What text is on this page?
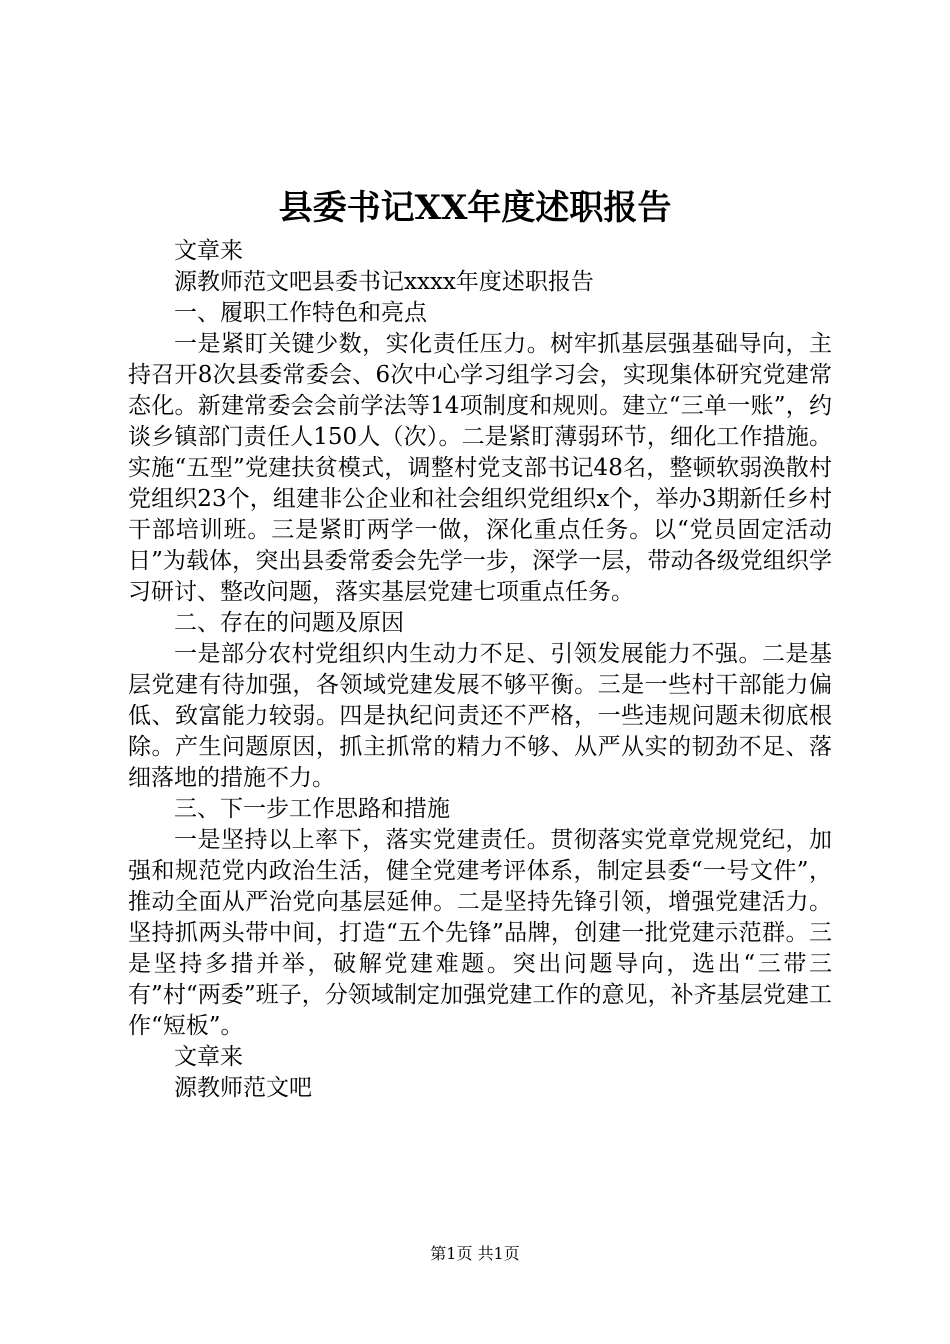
县委书记XX年度述职报告

文章来

源教师范文吧县委书记xxxx年度述职报告

一、履职工作特色和亮点

一是紧盯关键少数，实化责任压力。树牢抓基层强基础导向，主持召开8次县委常委会、6次中心学习组学习会，实现集体研究党建常态化。新建常委会会前学法等14项制度和规则。建立“三单一账”，约谈乡镇部门责任人150人（次）。二是紧盯薄弱环节，细化工作措施。实施“五型”党建扶贫模式，调整村党支部书记48名，整顿软弱涣散村党组织23个，组建非公企业和社会组织党组织x个，举办3期新任乡村干部培训班。三是紧盯两学一做，深化重点任务。以“党员固定活动日”为载体，突出县委常委会先学一步，深学一层，带动各级党组织学习研讨、整改问题，落实基层党建七项重点任务。

二、存在的问题及原因

一是部分农村党组织内生动力不足、引领发展能力不强。二是基层党建有待加强，各领域党建发展不够平衡。三是一些村干部能力偏低、致富能力较弱。四是执纪问责还不严格，一些违规问题未彻底根除。产生问题原因，抓主抓常的精力不够、从严从实的韧劲不足、落细落地的措施不力。

三、下一步工作思路和措施

一是坚持以上率下，落实党建责任。贯彻落实党章党规党纪，加强和规范党内政治生活，健全党建考评体系，制定县委“一号文件”，推动全面从严治党向基层延伸。二是坚持先锋引领，增强党建活力。坚持抓两头带中间，打造“五个先锋”品牌，创建一批党建示范群。三是坚持多措并举，破解党建难题。突出问题导向，选出“三带三有”村“两委”班子，分领域制定加强党建工作的意见，补齐基层党建工作“短板”。

文章来

源教师范文吧

第1页 共1页
